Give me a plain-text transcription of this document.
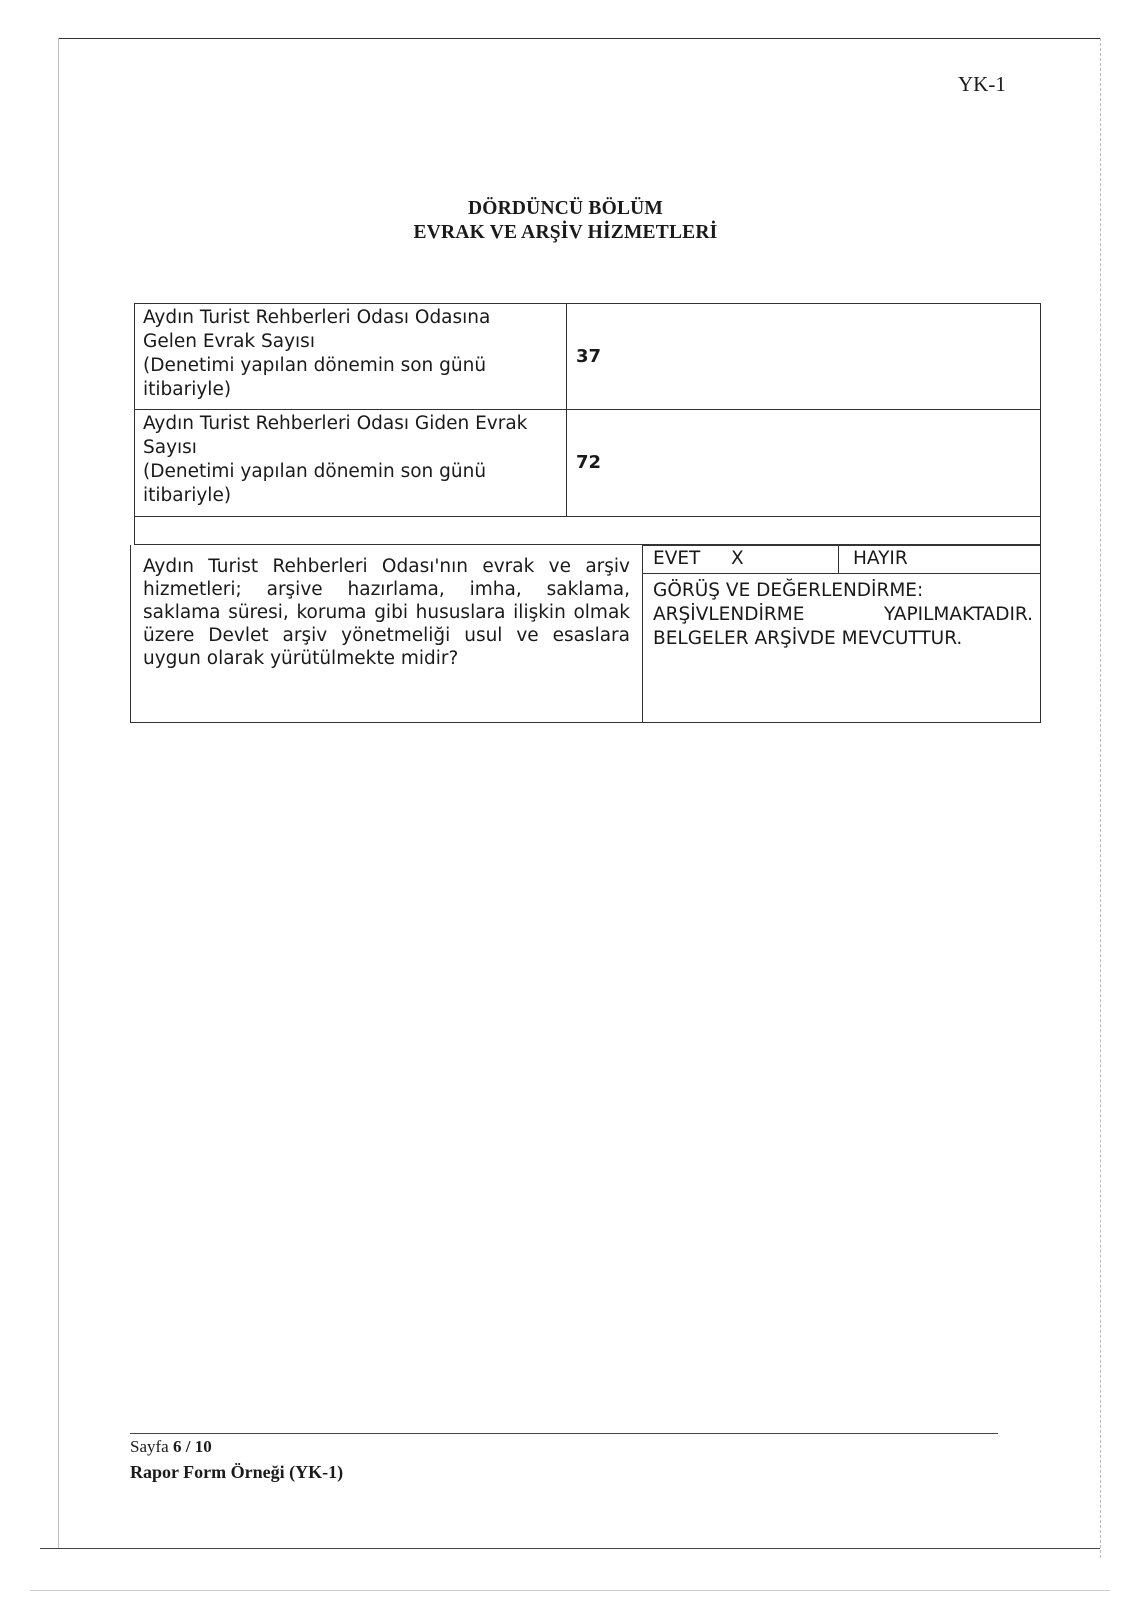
YK-1
DÖRDÜNCÜ BÖLÜM
EVRAK VE ARŞİV HİZMETLERİ
Aydın Turist Rehberleri Odası Odasına
Gelen Evrak Sayısı
(Denetimi yapılan dönemin son günü
itibariyle)
37
Aydın Turist Rehberleri Odası Giden Evrak
Sayısı
(Denetimi yapılan dönemin son günü
itibariyle)
72
Aydın Turist Rehberleri Odası'nın evrak ve arşiv hizmetleri; arşive hazırlama, imha, saklama, saklama süresi, koruma gibi hususlara ilişkin olmak üzere Devlet arşiv yönetmeliği usul ve esaslara uygun olarak yürütülmekte midir?
EVET X	HAYIR
GÖRÜŞ VE DEĞERLENDİRME:
ARŞİVLENDİRME	YAPILMAKTADIR.
BELGELER ARŞİVDE MEVCUTTUR.
Sayfa 6 / 10
Rapor Form Örneği (YK-1)
